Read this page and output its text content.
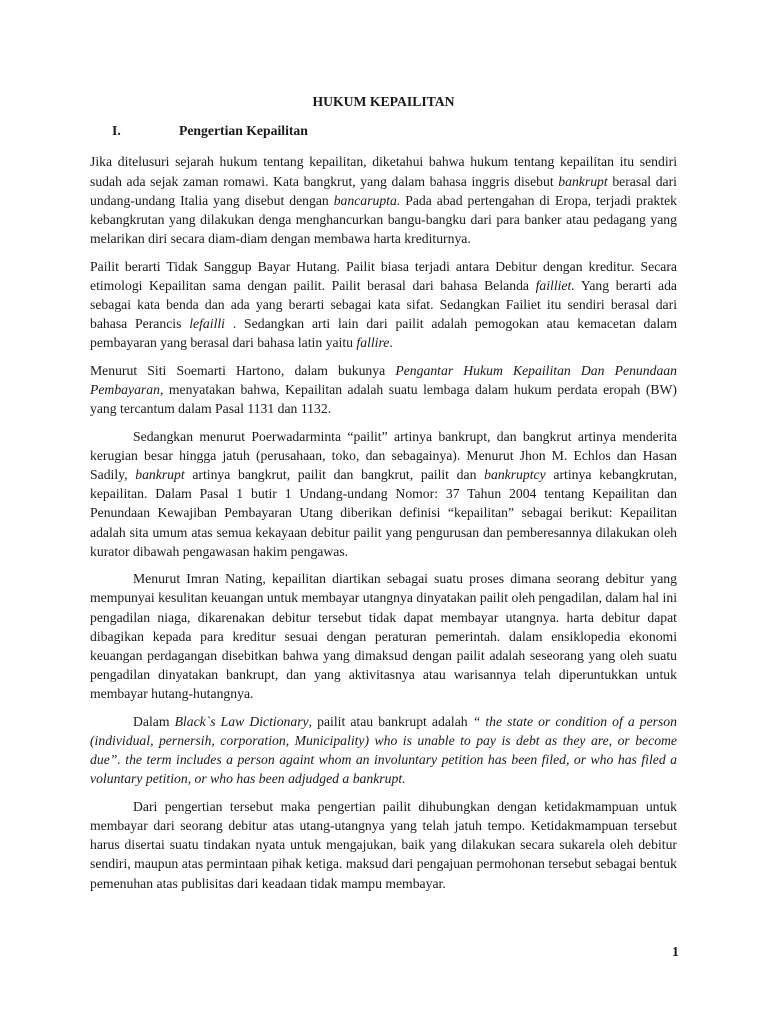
HUKUM KEPAILITAN
I.	Pengertian Kepailitan

Jika ditelusuri sejarah hukum tentang kepailitan, diketahui bahwa hukum tentang kepailitan itu sendiri sudah ada sejak zaman romawi. Kata bangkrut, yang dalam bahasa inggris disebut bankrupt berasal dari undang-undang Italia yang disebut dengan bancarupta. Pada abad pertengahan di Eropa, terjadi praktek kebangkrutan yang dilakukan denga menghancurkan bangu-bangku dari para banker atau pedagang yang melarikan diri secara diam-diam dengan membawa harta krediturnya.

Pailit berarti Tidak Sanggup Bayar Hutang. Pailit biasa terjadi antara Debitur dengan kreditur. Secara etimologi Kepailitan sama dengan pailit. Pailit berasal dari bahasa Belanda failliet. Yang berarti ada sebagai kata benda dan ada yang berarti sebagai kata sifat. Sedangkan Failiet itu sendiri berasal dari bahasa Perancis lefailli . Sedangkan arti lain dari pailit adalah pemogokan atau kemacetan dalam pembayaran yang berasal dari bahasa latin yaitu fallire.

Menurut Siti Soemarti Hartono, dalam bukunya Pengantar Hukum Kepailitan Dan Penundaan Pembayaran, menyatakan bahwa, Kepailitan adalah suatu lembaga dalam hukum perdata eropah (BW) yang tercantum dalam Pasal 1131 dan 1132.

Sedangkan menurut Poerwadarminta “pailit” artinya bankrupt, dan bangkrut artinya menderita kerugian besar hingga jatuh (perusahaan, toko, dan sebagainya). Menurut Jhon M. Echlos dan Hasan Sadily, bankrupt artinya bangkrut, pailit dan bangkrut, pailit dan bankruptcy artinya kebangkrutan, kepailitan. Dalam Pasal 1 butir 1 Undang-undang Nomor: 37 Tahun 2004 tentang Kepailitan dan Penundaan Kewajiban Pembayaran Utang diberikan definisi “kepailitan” sebagai berikut: Kepailitan adalah sita umum atas semua kekayaan debitur pailit yang pengurusan dan pemberesannya dilakukan oleh kurator dibawah pengawasan hakim pengawas.

Menurut Imran Nating, kepailitan diartikan sebagai suatu proses dimana seorang debitur yang mempunyai kesulitan keuangan untuk membayar utangnya dinyatakan pailit oleh pengadilan, dalam hal ini pengadilan niaga, dikarenakan debitur tersebut tidak dapat membayar utangnya. harta debitur dapat dibagikan kepada para kreditur sesuai dengan peraturan pemerintah. dalam ensiklopedia ekonomi keuangan perdagangan disebitkan bahwa yang dimaksud dengan pailit adalah seseorang yang oleh suatu pengadilan dinyatakan bankrupt, dan yang aktivitasnya atau warisannya telah diperuntukkan untuk membayar hutang-hutangnya.

Dalam Black`s Law Dictionary, pailit atau bankrupt adalah “ the state or condition of a person (individual, pernersih, corporation, Municipality) who is unable to pay is debt as they are, or become due”. the term includes a person againt whom an involuntary petition has been filed, or who has filed a voluntary petition, or who has been adjudged a bankrupt.

Dari pengertian tersebut maka pengertian pailit dihubungkan dengan ketidakmampuan untuk membayar dari seorang debitur atas utang-utangnya yang telah jatuh tempo. Ketidakmampuan tersebut harus disertai suatu tindakan nyata untuk mengajukan, baik yang dilakukan secara sukarela oleh debitur sendiri, maupun atas permintaan pihak ketiga. maksud dari pengajuan permohonan tersebut sebagai bentuk pemenuhan atas publisitas dari keadaan tidak mampu membayar.

1
